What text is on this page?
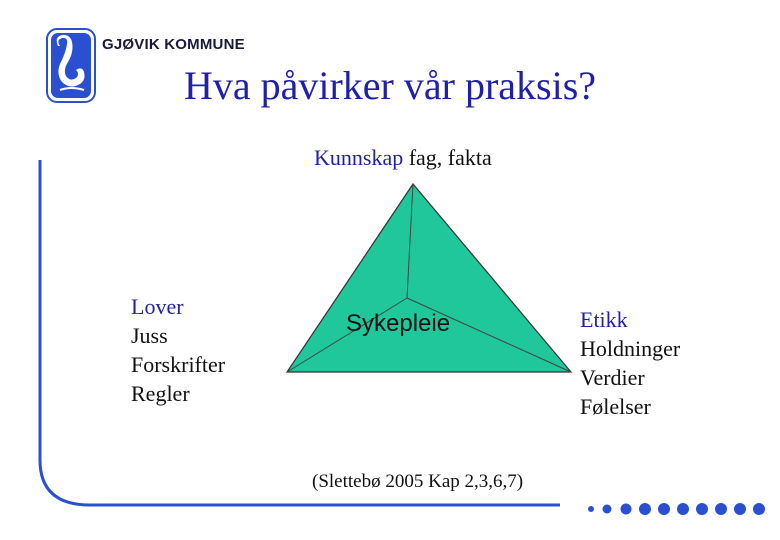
GJØVIK KOMMUNE
Hva påvirker vår praksis?
Kunnskap fag, fakta
Sykepleie
Lover
Juss
Forskrifter
Regler
Etikk
Holdninger
Verdier
Følelser
(Slettebø 2005 Kap 2,3,6,7)
